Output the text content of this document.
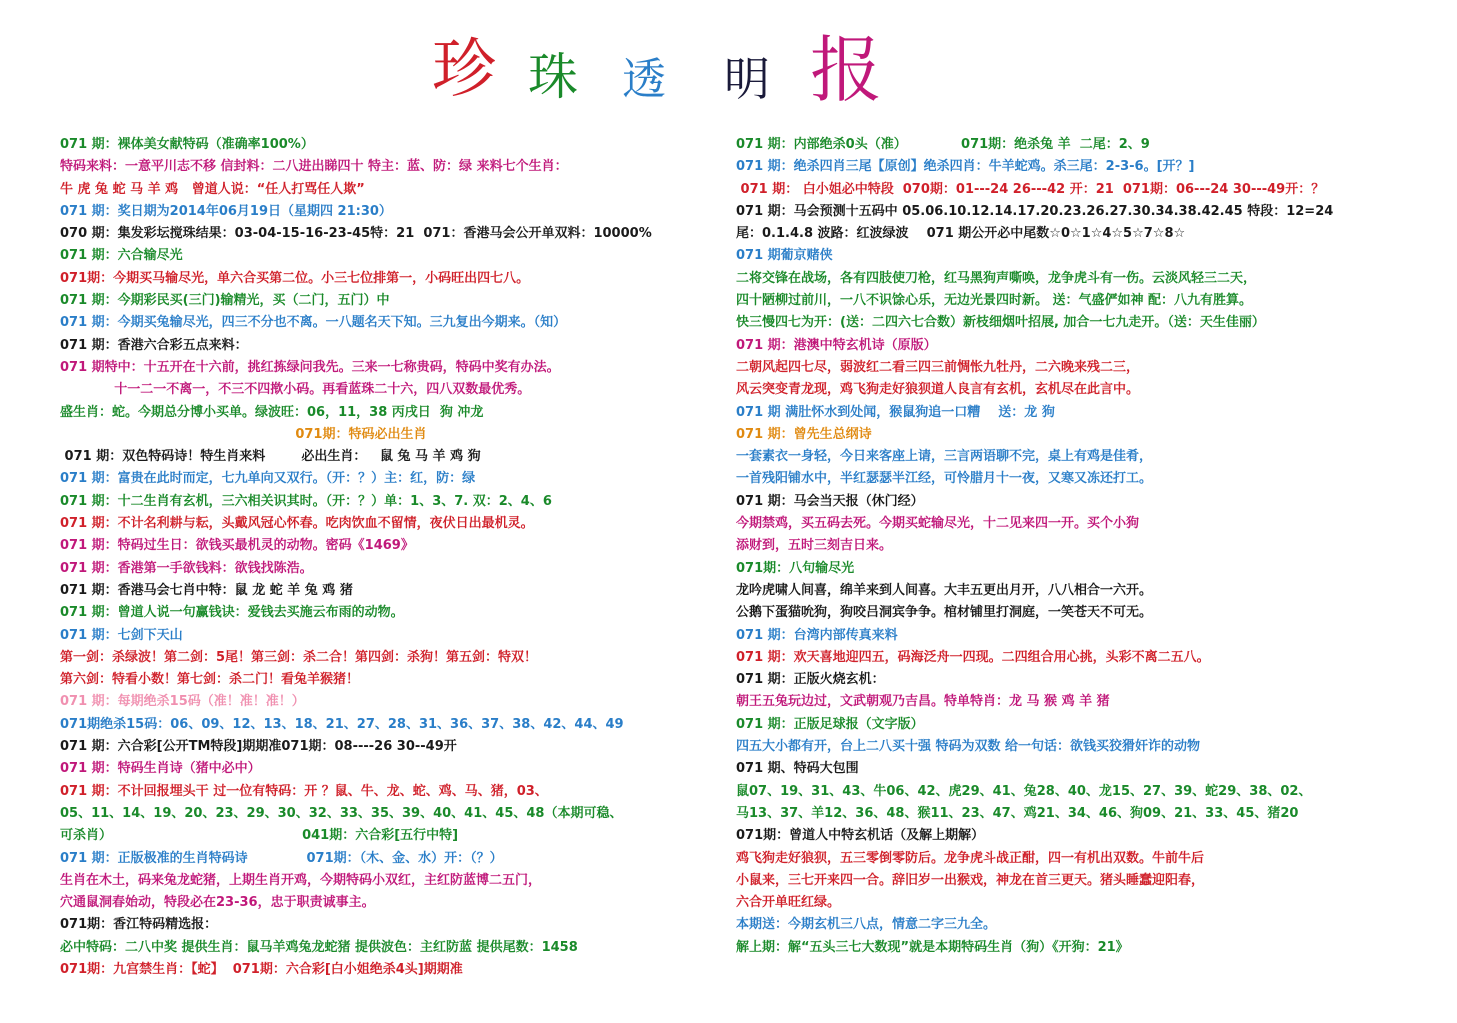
珍 珠 透 明 报
071 期：裸体美女献特码（准确率100%）
特码来料：一意平川志不移 信封料：二八进出睇四十 特主：蓝、防：绿 来料七个生肖：
牛 虎 兔 蛇 马 羊 鸡   曾道人说：“任人打骂任人欺”
071 期：奖日期为2014年06月19日（星期四 21:30）
070 期：集发彩坛搅珠结果：03-04-15-16-23-45特：21  071：香港马会公开单双料：10000%
071 期：六合输尽光
071期：今期买马输尽光，单六合买第二位。小三七位排第一，小码旺出四七八。
071 期：今期彩民买(三门)输精光，买（二门，五门）中
071 期：今期买兔输尽光，四三不分也不离。一八题名天下知。三九复出今期来。（知）
071 期：香港六合彩五点来料：
071 期特中：十五开在十六前，挑红拣绿问我先。三来一七称贵码，特码中奖有办法。
十一二一不离一，不三不四揿小码。再看蓝珠二十六，四八双数最优秀。
盛生肖：蛇。今期总分博小买单。绿波旺：06，11，38 丙戌日  狗 冲龙
071期：特码必出生肖
071 期：双色特码诗！特生肖来料        必出生肖：   鼠 兔 马 羊 鸡 狗
071 期：富贵在此时而定，七九单向又双行。（开：？）主：红，防：绿
071 期：十二生肖有玄机，三六相关识其时。（开：？）单：1、3、7. 双：2、4、6
071 期：不计名利耕与耘，头戴风冠心怀春。吃肉饮血不留情，夜伏日出最机灵。
071 期：特码过生日：欲钱买最机灵的动物。密码《1469》
071 期：香港第一手欲钱料：欲钱找陈浩。
071 期：香港马会七肖中特：鼠 龙 蛇 羊 兔 鸡 猪
071 期：曾道人说一句赢钱诀：爱钱去买施云布雨的动物。
071 期：七剑下天山
第一剑：杀绿波！第二剑：5尾！第三剑：杀二合！第四剑：杀狗！第五剑：特双！
第六剑：特看小数！第七剑：杀二门！看兔羊猴猪！
071 期：每期绝杀15码（准！准！准！）
071期绝杀15码：06、09、12、13、18、21、27、28、31、36、37、38、42、44、49
071 期：六合彩[公开TM特段]期期准071期：08----26 30--49开
071 期：特码生肖诗（猪中必中）
071 期：不计回报埋头干 过一位有特码：开 ？鼠、牛、龙、蛇、鸡、马、猪，03、
05、11、14、19、20、23、29、30、32、33、35、39、40、41、45、48（本期可稳、
可杀肖）                                          041期：六合彩[五行中特]
071 期：正版极准的生肖特码诗             071期：（木、金、水）开：（？）
生肖在木土，码来兔龙蛇猪，上期生肖开鸡，今期特码小双红，主红防蓝博二五门，
穴通鼠洞春始动，特段必在23-36，忠于职责诚事主。
071期：香江特码精选报：
必中特码：二八中奖 提供生肖：鼠马羊鸡兔龙蛇猪 提供波色：主红防蓝 提供尾数：1458
071期：九宫禁生肖：【蛇】  071期：六合彩[白小姐绝杀4头]期期准
071 期：内部绝杀0头（准）            071期：绝杀兔 羊  二尾：2、9
071 期：绝杀四肖三尾【原创】绝杀四肖：牛羊蛇鸡。杀三尾：2-3-6。[开？]
071 期： 白小姐必中特段  070期：01---24 26---42 开：21  071期：06---24 30---49开：？
071 期：马会预测十五码中 05.06.10.12.14.17.20.23.26.27.30.34.38.42.45 特段：12=24
尾：0.1.4.8 波路：红波绿波    071 期公开必中尾数☆0☆1☆4☆5☆7☆8☆
071 期葡京赌侠
二将交锋在战场，各有四肢使刀枪，红马黑狗声嘶唤，龙争虎斗有一伤。云淡风轻三二天，
四十陋柳过前川，一八不识馀心乐，无边光景四时新。 送：气盛俨如神 配：八九有胜算。
快三慢四七为开：(送：二四六七合数）新枝细烟叶招展, 加合一七九走开。（送：天生佳丽）
071 期：港澳中特玄机诗（原版）
二朝风起四七尽，弱波红二看三四三前惆怅九牡丹，二六晚来残二三，
风云突变青龙现，鸡飞狗走好狼狈道人良言有玄机，玄机尽在此言中。
071 期 满肚怀水到处闻，猴鼠狗追一口糟    送：龙 狗
071 期：曾先生总纲诗
一套素衣一身轻，今日来客座上请，三言两语聊不完，桌上有鸡是佳肴，
一首残阳铺水中，半红瑟瑟半江经，可怜腊月十一夜，又寒又冻还打工。
071 期：马会当天报（休门经）
今期禁鸡，买五码去死。今期买蛇输尽光，十二见来四一开。买个小狗
添财到，五时三刻吉日来。
071期：八句输尽光
龙吟虎啸人间喜，绵羊来到人间喜。大丰五更出月开，八八相合一六开。
公鹅下蛋猫吮狗，狗咬吕洞宾争争。棺材铺里打洞庭，一笑苍天不可无。
071 期：台湾内部传真来料
071 期：欢天喜地迎四五，码海泛舟一四现。二四组合用心挑，头彩不离二五八。
071 期：正版火烧玄机：
朝王五兔玩边过，文武朝观乃吉昌。特单特肖：龙 马 猴 鸡 羊 猪
071 期：正版足球报（文字版）
四五大小都有开，台上二八买十强 特码为双数 给一句话：欲钱买狡猾奸诈的动物
071 期、特码大包围
鼠07、19、31、43、牛06、42、虎29、41、兔28、40、龙15、27、39、蛇29、38、02、
马13、37、羊12、36、48、猴11、23、47、鸡21、34、46、狗09、21、33、45、猪20
071期：曾道人中特玄机话（及解上期解）
鸡飞狗走好狼狈，五三零倒零防后。龙争虎斗战正酣，四一有机出双数。牛前牛后
小鼠来，三七开来四一合。辞旧岁一出猴戏，神龙在首三更天。猪头睡蠢迎阳春，
六合开单旺红绿。
本期送：今期玄机三八点，情意二字三九全。
解上期：解“五头三七大数现”就是本期特码生肖（狗）《开狗：21》
